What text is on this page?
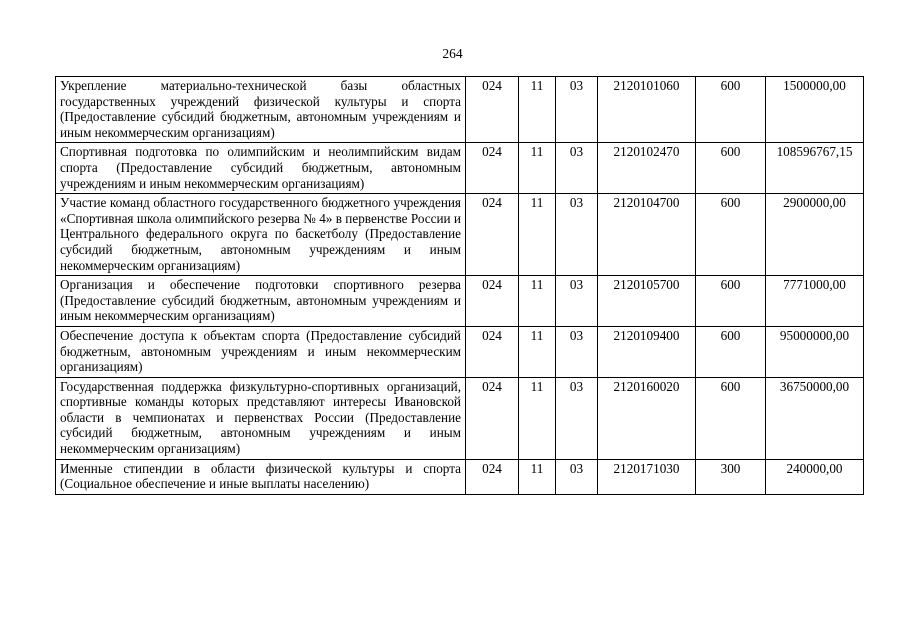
264
Укрепление материально-технической базы областных государственных учреждений физической культуры и спорта (Предоставление субсидий бюджетным, автономным учреждениям и иным некоммерческим организациям)	024	11	03	2120101060	600	1500000,00
Спортивная подготовка по олимпийским и неолимпийским видам спорта (Предоставление субсидий бюджетным, автономным учреждениям и иным некоммерческим организациям)	024	11	03	2120102470	600	108596767,15
Участие команд областного государственного бюджетного учреждения «Спортивная школа олимпийского резерва № 4» в первенстве России и Центрального федерального округа по баскетболу (Предоставление субсидий бюджетным, автономным учреждениям и иным некоммерческим организациям)	024	11	03	2120104700	600	2900000,00
Организация и обеспечение подготовки спортивного резерва (Предоставление субсидий бюджетным, автономным учреждениям и иным некоммерческим организациям)	024	11	03	2120105700	600	7771000,00
Обеспечение доступа к объектам спорта (Предоставление субсидий бюджетным, автономным учреждениям и иным некоммерческим организациям)	024	11	03	2120109400	600	95000000,00
Государственная поддержка физкультурно-спортивных организаций, спортивные команды которых представляют интересы Ивановской области в чемпионатах и первенствах России (Предоставление субсидий бюджетным, автономным учреждениям и иным некоммерческим организациям)	024	11	03	2120160020	600	36750000,00
Именные стипендии в области физической культуры и спорта (Социальное обеспечение и иные выплаты населению)	024	11	03	2120171030	300	240000,00
